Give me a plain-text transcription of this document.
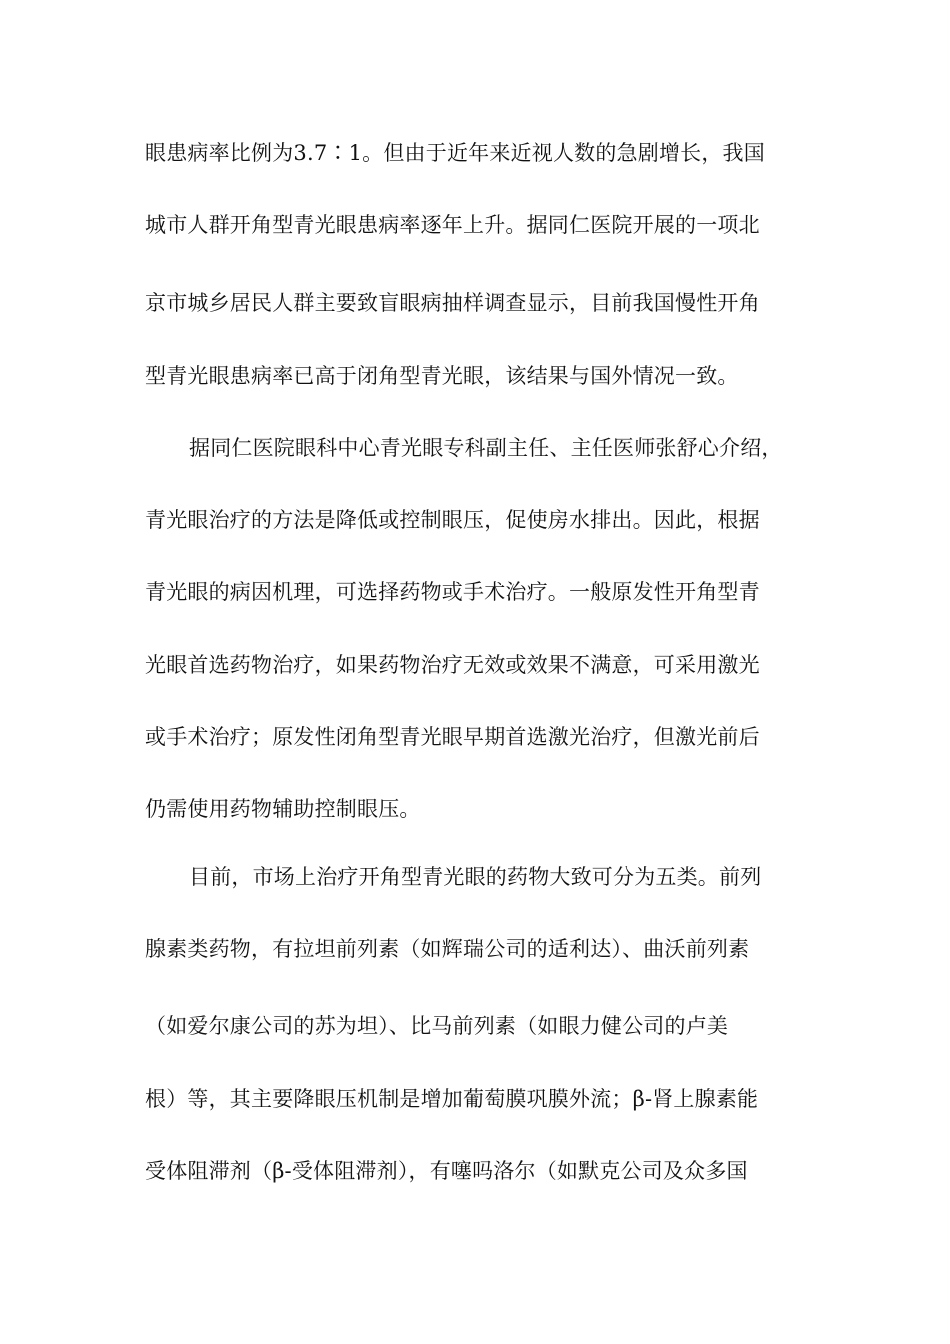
眼患病率比例为3.7∶1。但由于近年来近视人数的急剧增长，我国
城市人群开角型青光眼患病率逐年上升。据同仁医院开展的一项北
京市城乡居民人群主要致盲眼病抽样调查显示，目前我国慢性开角
型青光眼患病率已高于闭角型青光眼，该结果与国外情况一致。
据同仁医院眼科中心青光眼专科副主任、主任医师张舒心介绍，
青光眼治疗的方法是降低或控制眼压，促使房水排出。因此，根据
青光眼的病因机理，可选择药物或手术治疗。一般原发性开角型青
光眼首选药物治疗，如果药物治疗无效或效果不满意，可采用激光
或手术治疗；原发性闭角型青光眼早期首选激光治疗，但激光前后
仍需使用药物辅助控制眼压。
目前，市场上治疗开角型青光眼的药物大致可分为五类。前列
腺素类药物，有拉坦前列素（如辉瑞公司的适利达）、曲沃前列素
（如爱尔康公司的苏为坦）、比马前列素（如眼力健公司的卢美
根）等，其主要降眼压机制是增加葡萄膜巩膜外流；β-肾上腺素能
受体阻滞剂（β-受体阻滞剂），有噻吗洛尔（如默克公司及众多国
